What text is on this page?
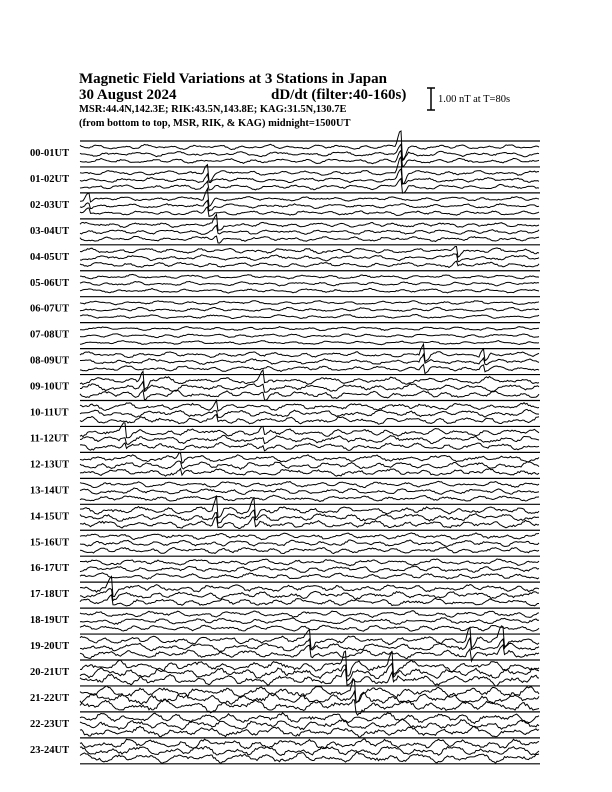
Magnetic Field Variations at 3 Stations in Japan
30 August 2024	dD/dt (filter:40-160s)
MSR:44.4N,142.3E; RIK:43.5N,143.8E; KAG:31.5N,130.7E
(from bottom to top, MSR, RIK, & KAG) midnight=1500UT
1.00 nT at T=80s
00-01UT
01-02UT
02-03UT
03-04UT
04-05UT
05-06UT
06-07UT
07-08UT
08-09UT
09-10UT
10-11UT
11-12UT
12-13UT
13-14UT
14-15UT
15-16UT
16-17UT
17-18UT
18-19UT
19-20UT
20-21UT
21-22UT
22-23UT
23-24UT
